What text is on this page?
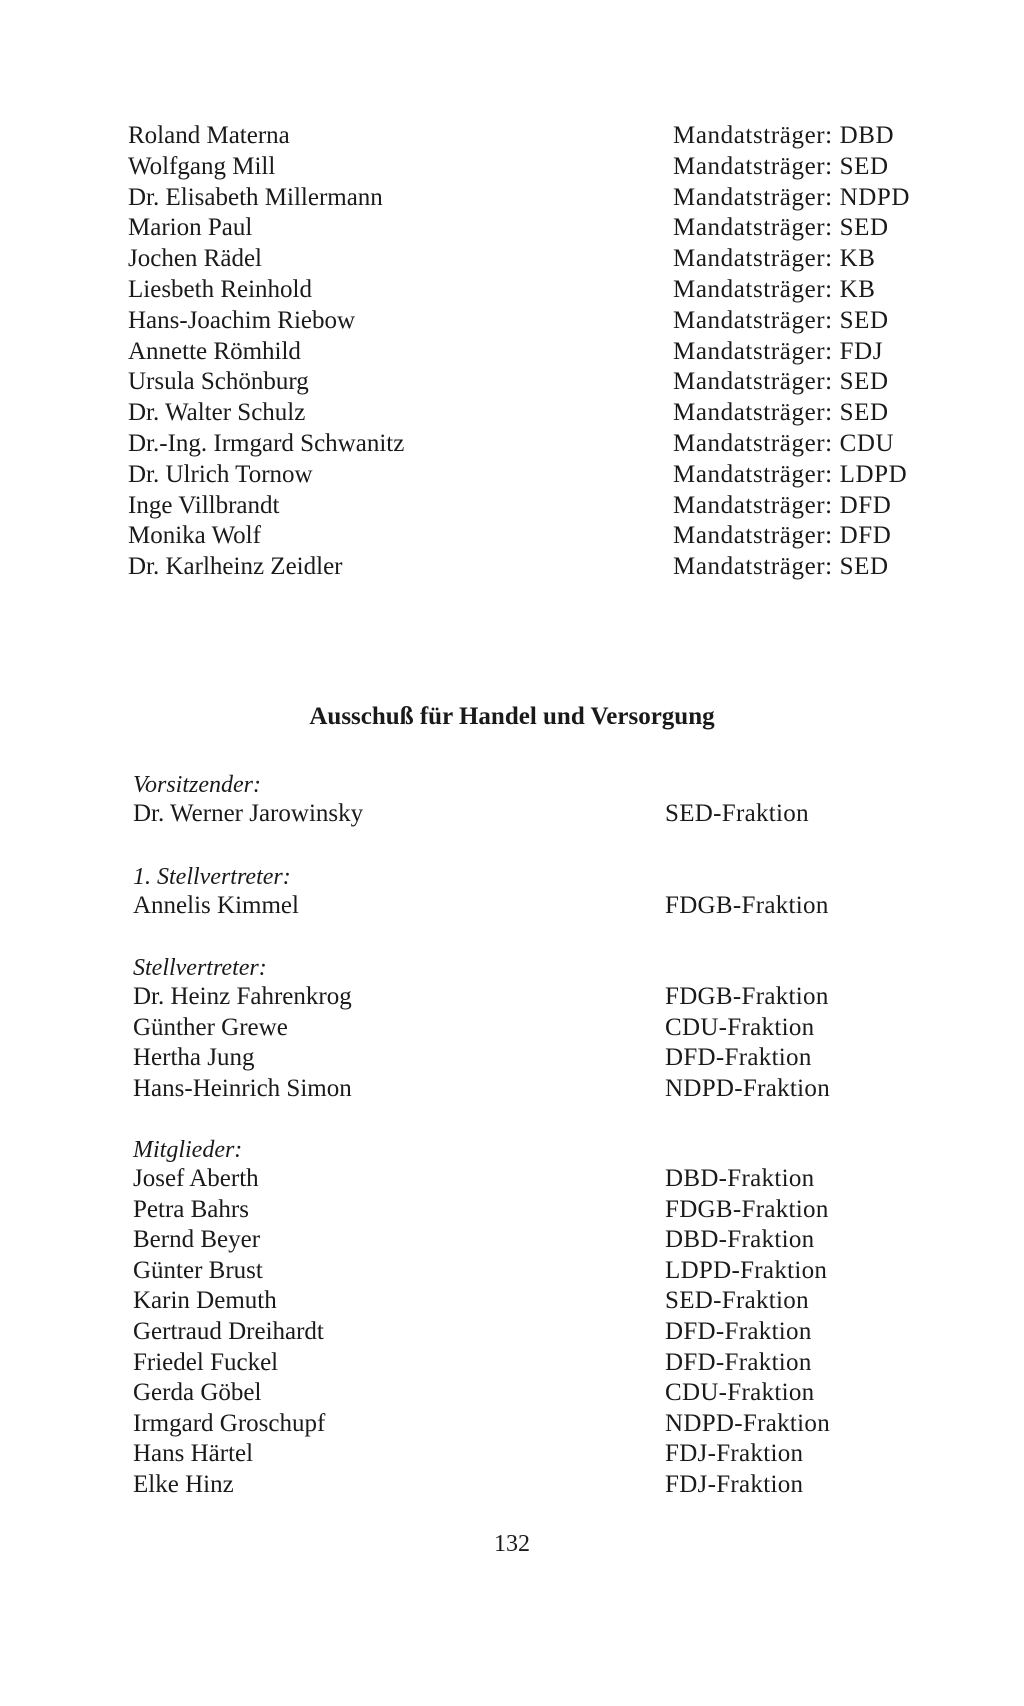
Roland Materna	Mandatsträger: DBD
Wolfgang Mill	Mandatsträger: SED
Dr. Elisabeth Millermann	Mandatsträger: NDPD
Marion Paul	Mandatsträger: SED
Jochen Rädel	Mandatsträger: KB
Liesbeth Reinhold	Mandatsträger: KB
Hans-Joachim Riebow	Mandatsträger: SED
Annette Römhild	Mandatsträger: FDJ
Ursula Schönburg	Mandatsträger: SED
Dr. Walter Schulz	Mandatsträger: SED
Dr.-Ing. Irmgard Schwanitz	Mandatsträger: CDU
Dr. Ulrich Tornow	Mandatsträger: LDPD
Inge Villbrandt	Mandatsträger: DFD
Monika Wolf	Mandatsträger: DFD
Dr. Karlheinz Zeidler	Mandatsträger: SED
Ausschuß für Handel und Versorgung
Vorsitzender:
Dr. Werner Jarowinsky	SED-Fraktion
1. Stellvertreter:
Annelis Kimmel	FDGB-Fraktion
Stellvertreter:
Dr. Heinz Fahrenkrog	FDGB-Fraktion
Günther Grewe	CDU-Fraktion
Hertha Jung	DFD-Fraktion
Hans-Heinrich Simon	NDPD-Fraktion
Mitglieder:
Josef Aberth	DBD-Fraktion
Petra Bahrs	FDGB-Fraktion
Bernd Beyer	DBD-Fraktion
Günter Brust	LDPD-Fraktion
Karin Demuth	SED-Fraktion
Gertraud Dreihardt	DFD-Fraktion
Friedel Fuckel	DFD-Fraktion
Gerda Göbel	CDU-Fraktion
Irmgard Groschupf	NDPD-Fraktion
Hans Härtel	FDJ-Fraktion
Elke Hinz	FDJ-Fraktion
132
